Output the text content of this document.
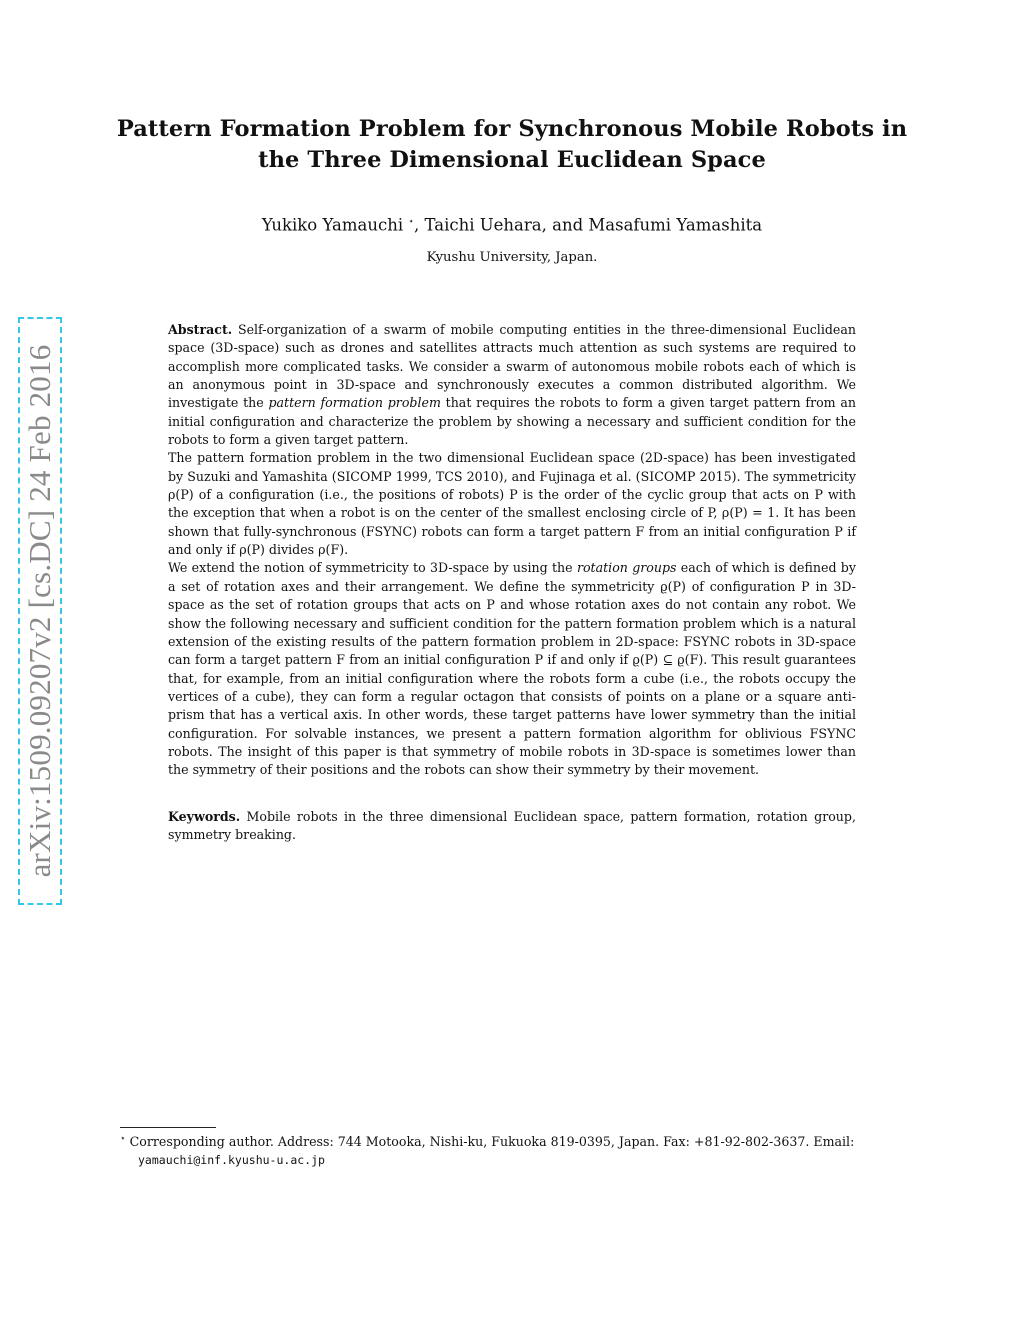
arXiv:1509.09207v2 [cs.DC] 24 Feb 2016
Pattern Formation Problem for Synchronous Mobile Robots in
the Three Dimensional Euclidean Space
Yukiko Yamauchi ⋆, Taichi Uehara, and Masafumi Yamashita
Kyushu University, Japan.

Abstract. Self-organization of a swarm of mobile computing entities in the three-dimensional Euclidean space (3D-space) such as drones and satellites attracts much attention as such systems are required to accomplish more complicated tasks. We consider a swarm of autonomous mobile robots each of which is an anonymous point in 3D-space and synchronously executes a common distributed algorithm. We investigate the pattern formation problem that requires the robots to form a given target pattern from an initial configuration and characterize the problem by showing a necessary and sufficient condition for the robots to form a given target pattern.

The pattern formation problem in the two dimensional Euclidean space (2D-space) has been investigated by Suzuki and Yamashita (SICOMP 1999, TCS 2010), and Fujinaga et al. (SICOMP 2015). The symmetricity ρ(P) of a configuration (i.e., the positions of robots) P is the order of the cyclic group that acts on P with the exception that when a robot is on the center of the smallest enclosing circle of P, ρ(P) = 1. It has been shown that fully-synchronous (FSYNC) robots can form a target pattern F from an initial configuration P if and only if ρ(P) divides ρ(F).

We extend the notion of symmetricity to 3D-space by using the rotation groups each of which is defined by a set of rotation axes and their arrangement. We define the symmetricity ϱ(P) of configuration P in 3D-space as the set of rotation groups that acts on P and whose rotation axes do not contain any robot. We show the following necessary and sufficient condition for the pattern formation problem which is a natural extension of the existing results of the pattern formation problem in 2D-space: FSYNC robots in 3D-space can form a target pattern F from an initial configuration P if and only if ϱ(P) ⊆ ϱ(F). This result guarantees that, for example, from an initial configuration where the robots form a cube (i.e., the robots occupy the vertices of a cube), they can form a regular octagon that consists of points on a plane or a square anti-prism that has a vertical axis. In other words, these target patterns have lower symmetry than the initial configuration. For solvable instances, we present a pattern formation algorithm for oblivious FSYNC robots. The insight of this paper is that symmetry of mobile robots in 3D-space is sometimes lower than the symmetry of their positions and the robots can show their symmetry by their movement.

Keywords. Mobile robots in the three dimensional Euclidean space, pattern formation, rotation group, symmetry breaking.
⋆ Corresponding author. Address: 744 Motooka, Nishi-ku, Fukuoka 819-0395, Japan. Fax: +81-92-802-3637. Email:
yamauchi@inf.kyushu-u.ac.jp
